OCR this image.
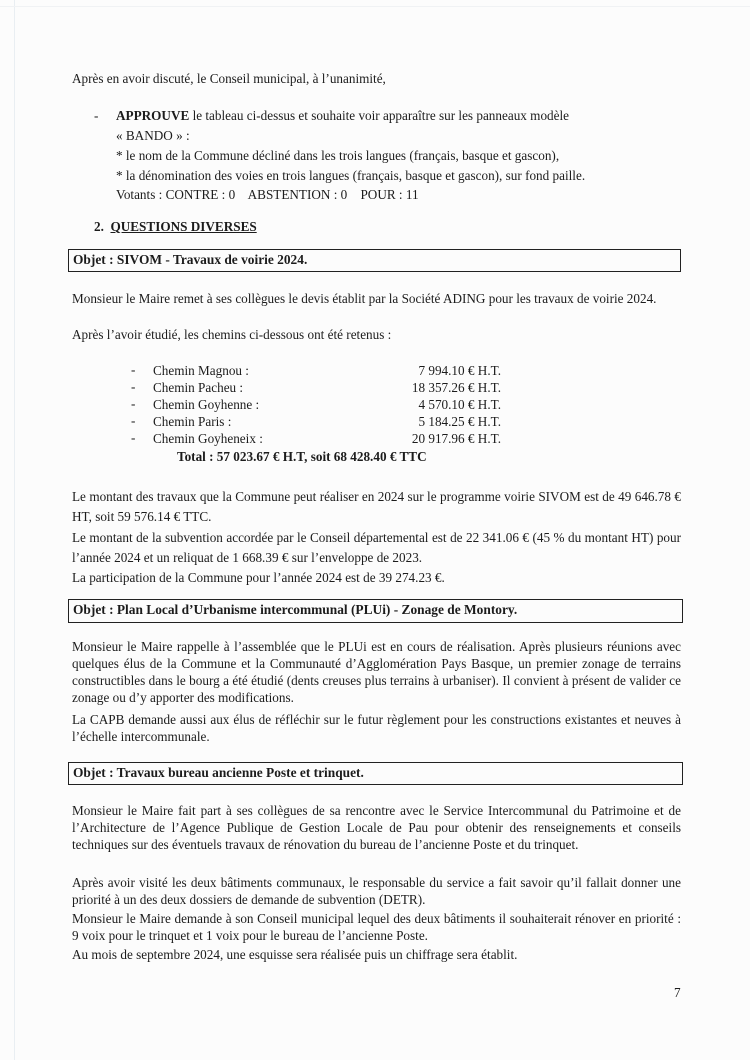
Après en avoir discuté, le Conseil municipal, à l’unanimité,
- APPROUVE le tableau ci-dessus et souhaite voir apparaître sur les panneaux modèle
« BANDO » :
* le nom de la Commune décliné dans les trois langues (français, basque et gascon),
* la dénomination des voies en trois langues (français, basque et gascon), sur fond paille.
Votants : CONTRE : 0    ABSTENTION : 0    POUR : 11
2. QUESTIONS DIVERSES
Objet : SIVOM - Travaux de voirie 2024.
Monsieur le Maire remet à ses collègues le devis établit par la Société ADING pour les travaux de voirie 2024.
Après l’avoir étudié, les chemins ci-dessous ont été retenus :
- Chemin Magnou :	7 994.10 € H.T.
- Chemin Pacheu :	18 357.26 € H.T.
- Chemin Goyhenne :	4 570.10 € H.T.
- Chemin Paris :	5 184.25 € H.T.
- Chemin Goyheneix :	20 917.96 € H.T.
Total : 57 023.67 € H.T, soit 68 428.40 € TTC
Le montant des travaux que la Commune peut réaliser en 2024 sur le programme voirie SIVOM est de 49 646.78 € HT, soit 59 576.14 € TTC.
Le montant de la subvention accordée par le Conseil départemental est de 22 341.06 € (45 % du montant HT) pour l’année 2024 et un reliquat de 1 668.39 € sur l’enveloppe de 2023.
La participation de la Commune pour l’année 2024 est de 39 274.23 €.
Objet : Plan Local d’Urbanisme intercommunal (PLUi) - Zonage de Montory.
Monsieur le Maire rappelle à l’assemblée que le PLUi est en cours de réalisation. Après plusieurs réunions avec quelques élus de la Commune et la Communauté d’Agglomération Pays Basque, un premier zonage de terrains constructibles dans le bourg a été étudié (dents creuses plus terrains à urbaniser). Il convient à présent de valider ce zonage ou d’y apporter des modifications.
La CAPB demande aussi aux élus de réfléchir sur le futur règlement pour les constructions existantes et neuves à l’échelle intercommunale.
Objet : Travaux bureau ancienne Poste et trinquet.
Monsieur le Maire fait part à ses collègues de sa rencontre avec le Service Intercommunal du Patrimoine et de l’Architecture de l’Agence Publique de Gestion Locale de Pau pour obtenir des renseignements et conseils techniques sur des éventuels travaux de rénovation du bureau de l’ancienne Poste et du trinquet.
Après avoir visité les deux bâtiments communaux, le responsable du service a fait savoir qu’il fallait donner une priorité à un des deux dossiers de demande de subvention (DETR).
Monsieur le Maire demande à son Conseil municipal lequel des deux bâtiments il souhaiterait rénover en priorité : 9 voix pour le trinquet et 1 voix pour le bureau de l’ancienne Poste.
Au mois de septembre 2024, une esquisse sera réalisée puis un chiffrage sera établit.
7
